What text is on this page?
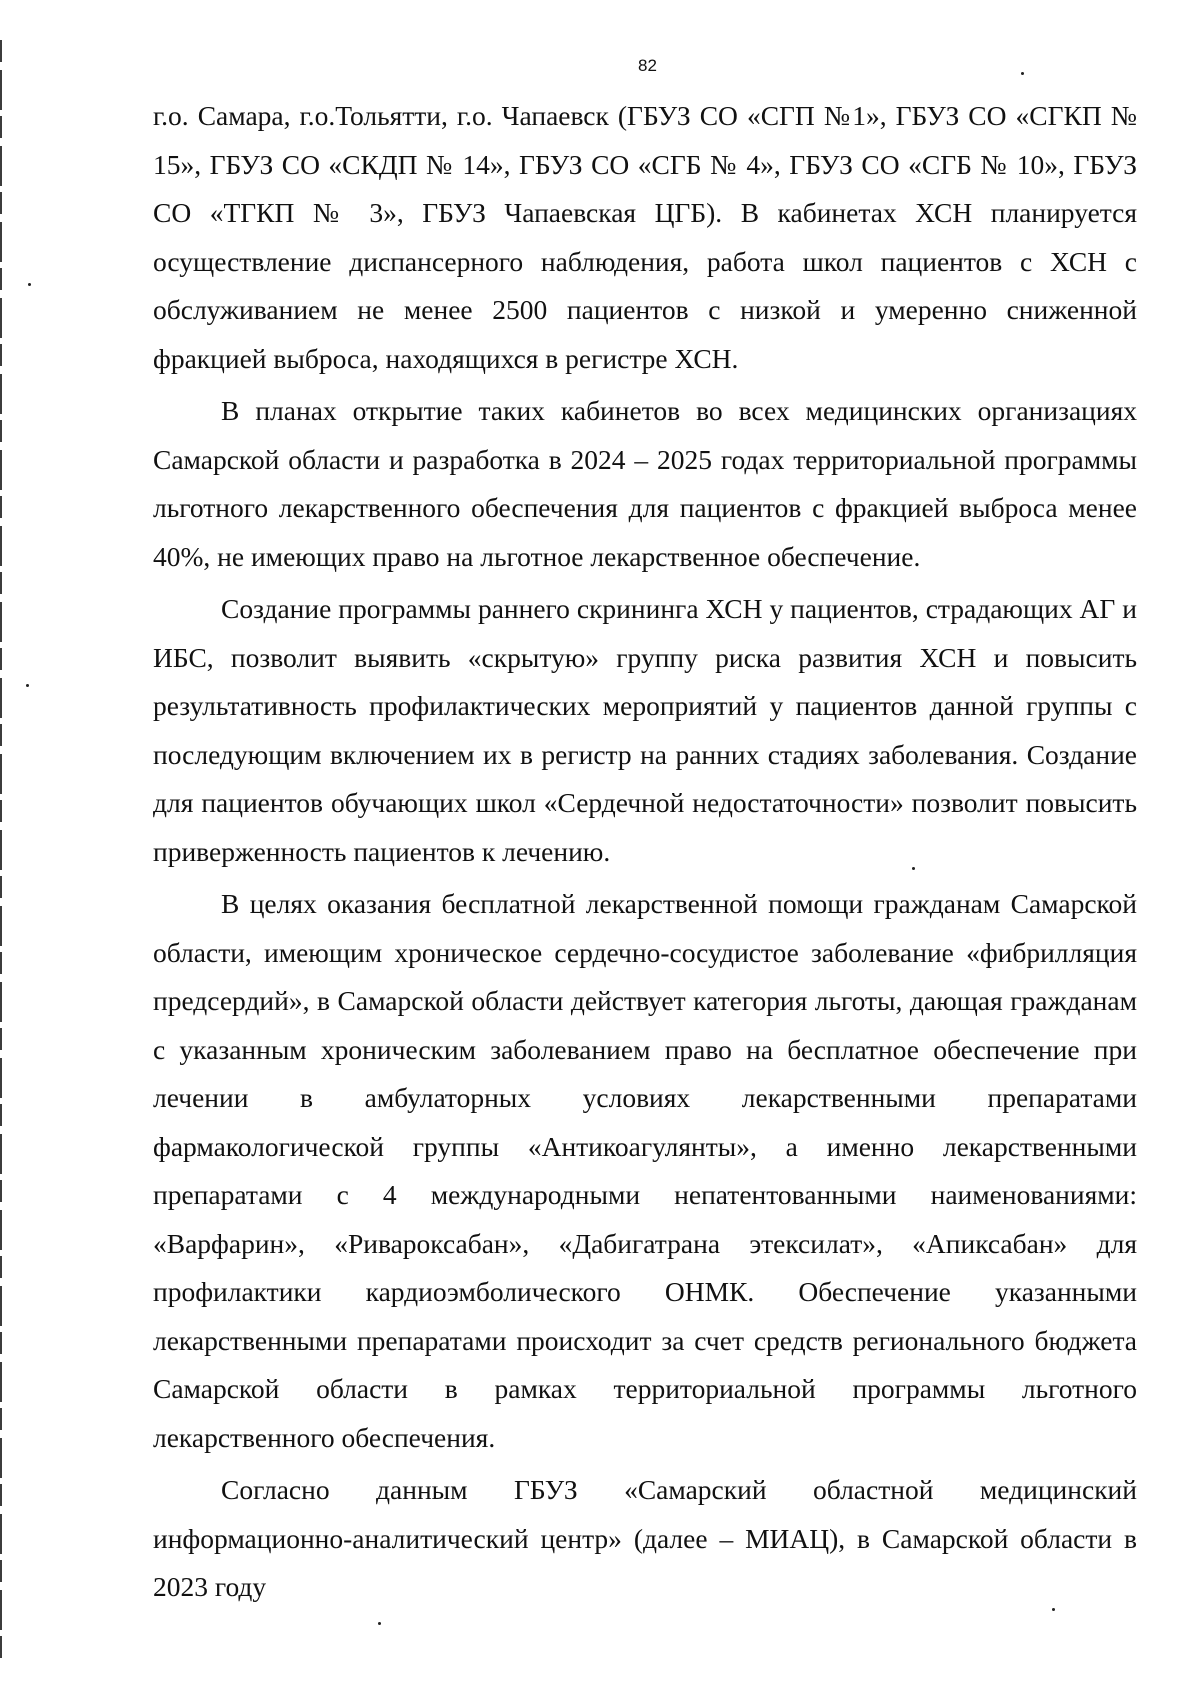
82

г.о. Самара, г.о.Тольятти, г.о. Чапаевск (ГБУЗ СО «СГП №1», ГБУЗ СО «СГКП № 15», ГБУЗ СО «СКДП № 14», ГБУЗ СО «СГБ № 4», ГБУЗ СО «СГБ № 10», ГБУЗ СО «ТГКП № 3», ГБУЗ Чапаевская ЦГБ). В кабинетах ХСН планируется осуществление диспансерного наблюдения, работа школ пациентов с ХСН с обслуживанием не менее 2500 пациентов с низкой и умеренно сниженной фракцией выброса, находящихся в регистре ХСН.

В планах открытие таких кабинетов во всех медицинских организациях Самарской области и разработка в 2024 – 2025 годах территориальной программы льготного лекарственного обеспечения для пациентов с фракцией выброса менее 40%, не имеющих право на льготное лекарственное обеспечение.

Создание программы раннего скрининга ХСН у пациентов, страдающих АГ и ИБС, позволит выявить «скрытую» группу риска развития ХСН и повысить результативность профилактических мероприятий у пациентов данной группы с последующим включением их в регистр на ранних стадиях заболевания. Создание для пациентов обучающих школ «Сердечной недостаточности» позволит повысить приверженность пациентов к лечению.

В целях оказания бесплатной лекарственной помощи гражданам Самарской области, имеющим хроническое сердечно-сосудистое заболевание «фибрилляция предсердий», в Самарской области действует категория льготы, дающая гражданам с указанным хроническим заболеванием право на бесплатное обеспечение при лечении в амбулаторных условиях лекарственными препаратами фармакологической группы «Антикоагулянты», а именно лекарственными препаратами с 4 международными непатентованными наименованиями: «Варфарин», «Ривароксабан», «Дабигатрана этексилат», «Апиксабан» для профилактики кардиоэмболического ОНМК. Обеспечение указанными лекарственными препаратами происходит за счет средств регионального бюджета Самарской области в рамках территориальной программы льготного лекарственного обеспечения.

Согласно данным ГБУЗ «Самарский областной медицинский информационно-аналитический центр» (далее – МИАЦ), в Самарской области в 2023 году
